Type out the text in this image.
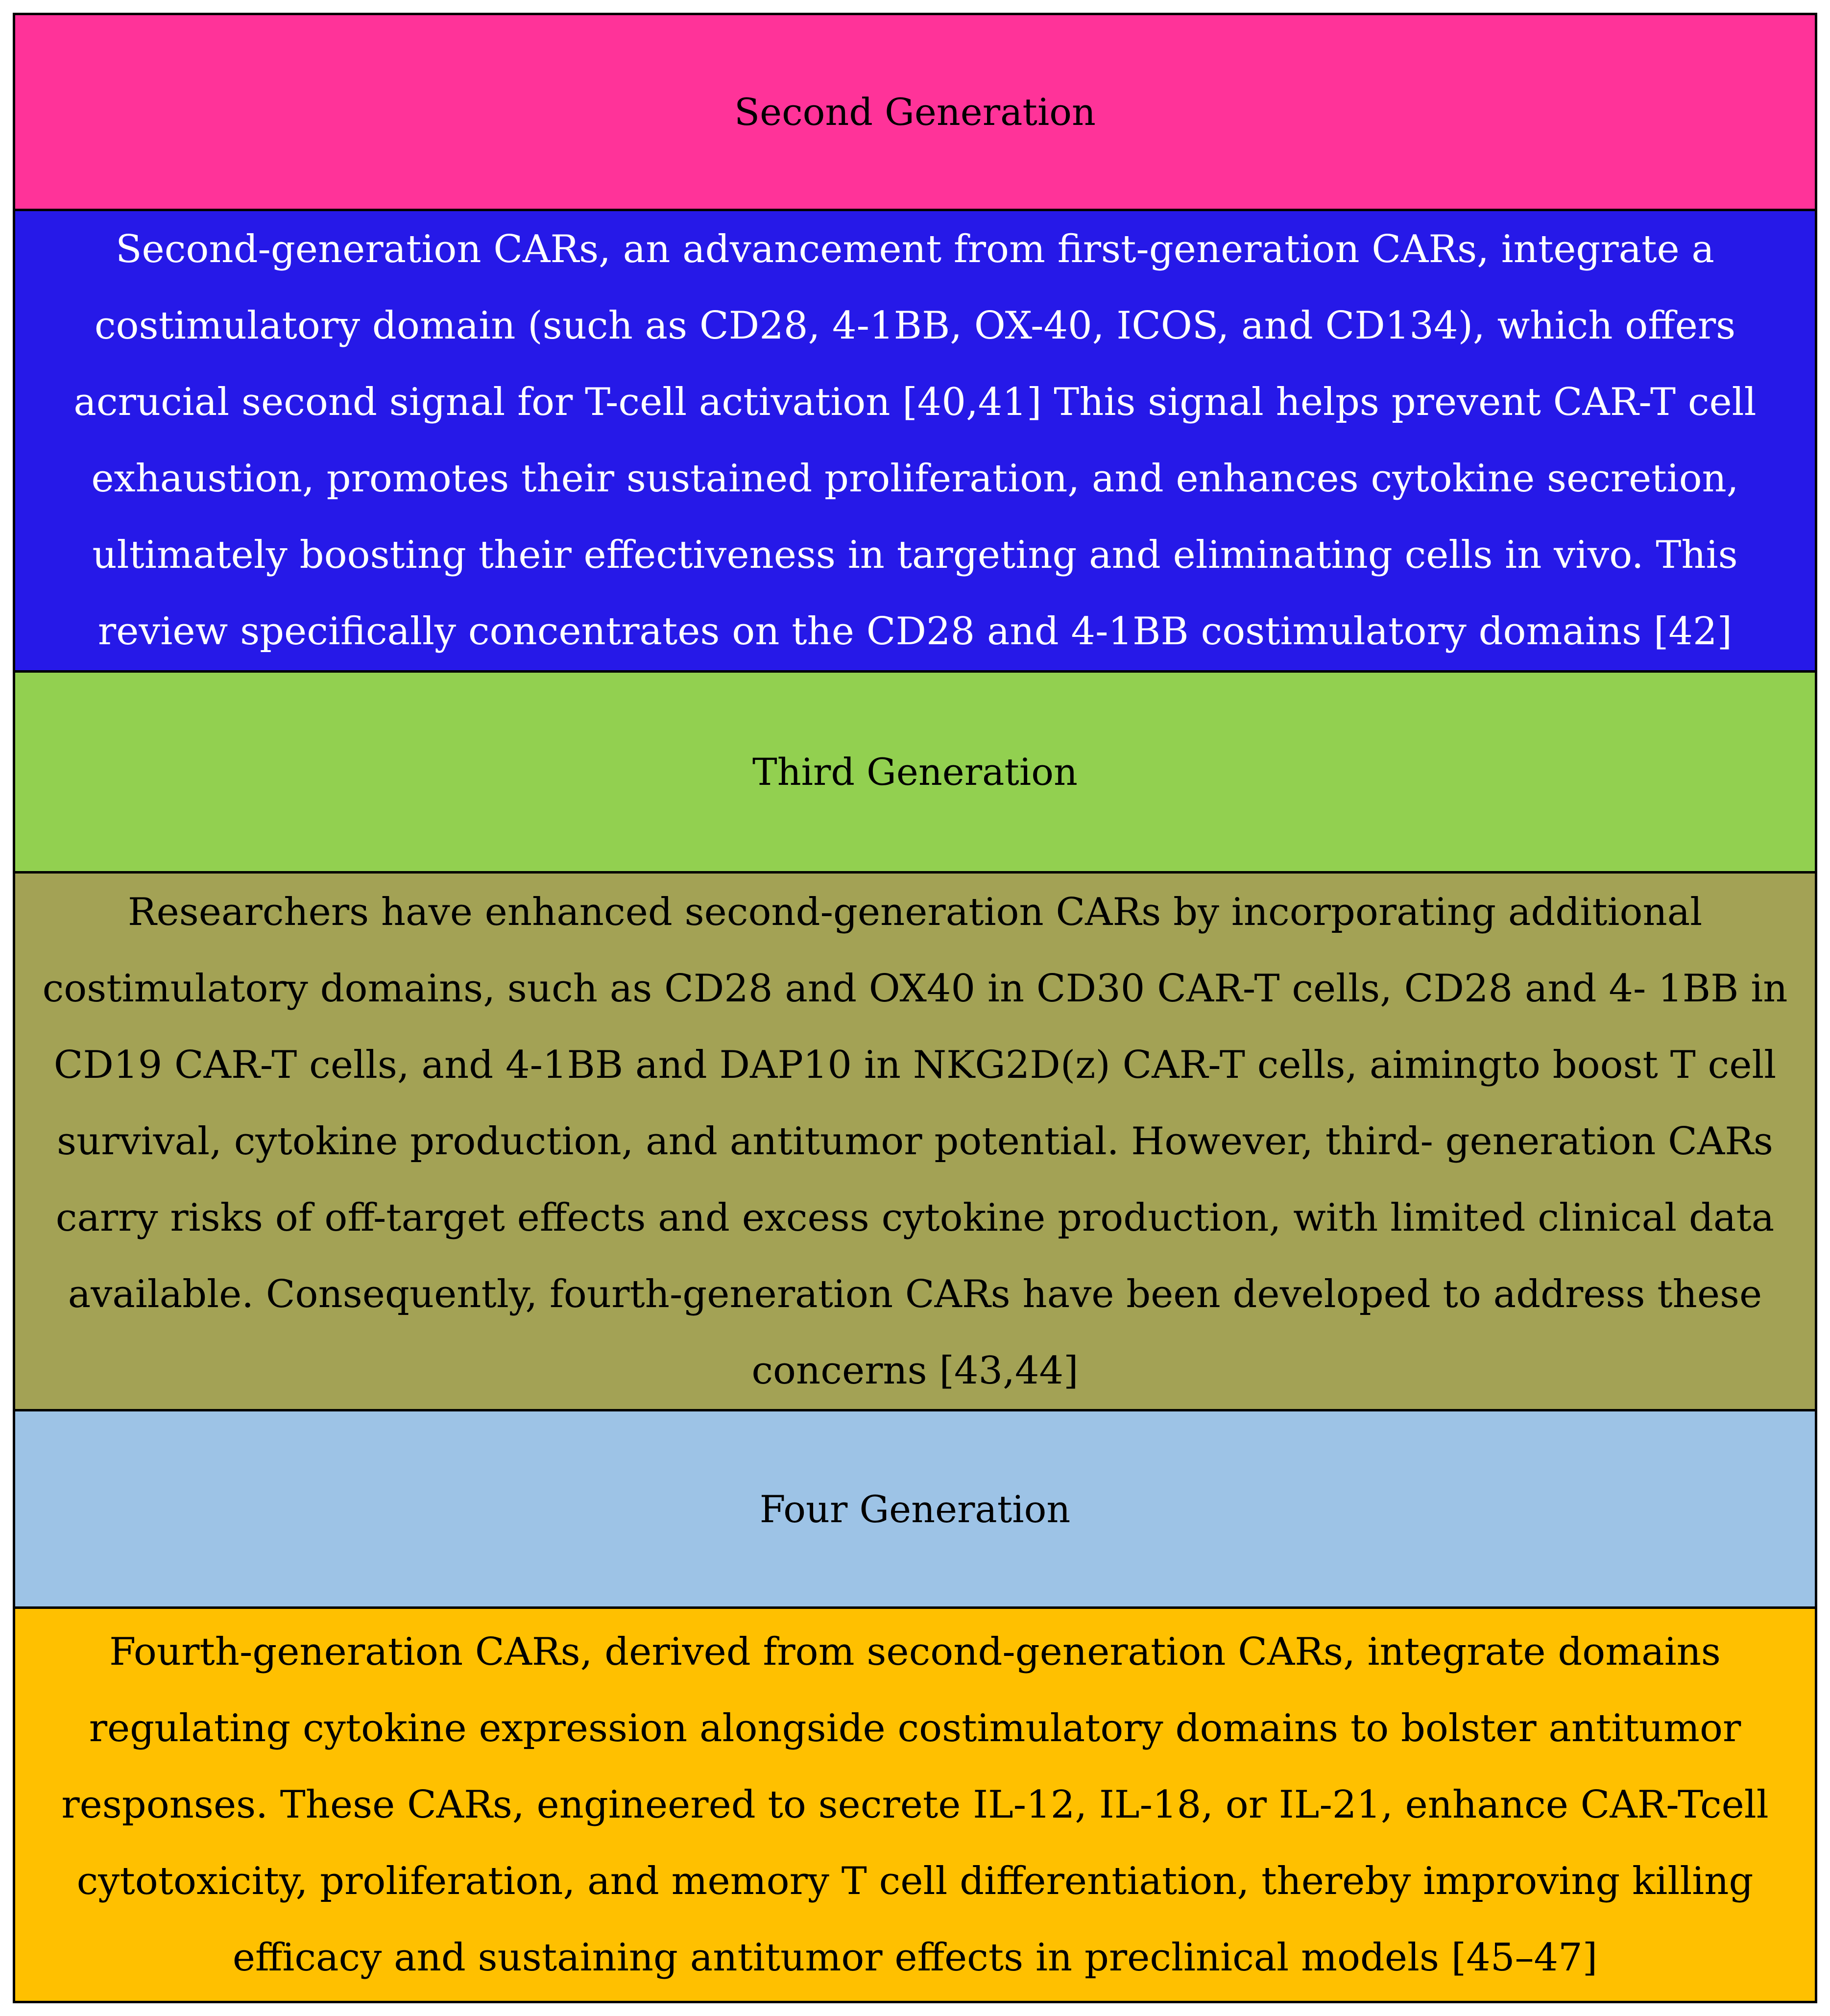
Second Generation
Second-generation CARs, an advancement from first-generation CARs, integrate a costimulatory domain (such as CD28, 4-1BB, OX-40, ICOS, and CD134), which offers acrucial second signal for T-cell activation [40,41] This signal helps prevent CAR-T cell exhaustion, promotes their sustained proliferation, and enhances cytokine secretion, ultimately boosting their effectiveness in targeting and eliminating cells in vivo. This review specifically concentrates on the CD28 and 4-1BB costimulatory domains [42]
Third Generation
Researchers have enhanced second-generation CARs by incorporating additional costimulatory domains, such as CD28 and OX40 in CD30 CAR-T cells, CD28 and 4- 1BB in CD19 CAR-T cells, and 4-1BB and DAP10 in NKG2D(z) CAR-T cells, aimingto boost T cell survival, cytokine production, and antitumor potential. However, third- generation CARs carry risks of off-target effects and excess cytokine production, with limited clinical data available. Consequently, fourth-generation CARs have been developed to address these concerns [43,44]
Four Generation
Fourth-generation CARs, derived from second-generation CARs, integrate domains regulating cytokine expression alongside costimulatory domains to bolster antitumor responses. These CARs, engineered to secrete IL-12, IL-18, or IL-21, enhance CAR-Tcell cytotoxicity, proliferation, and memory T cell differentiation, thereby improving killing efficacy and sustaining antitumor effects in preclinical models [45–47]
